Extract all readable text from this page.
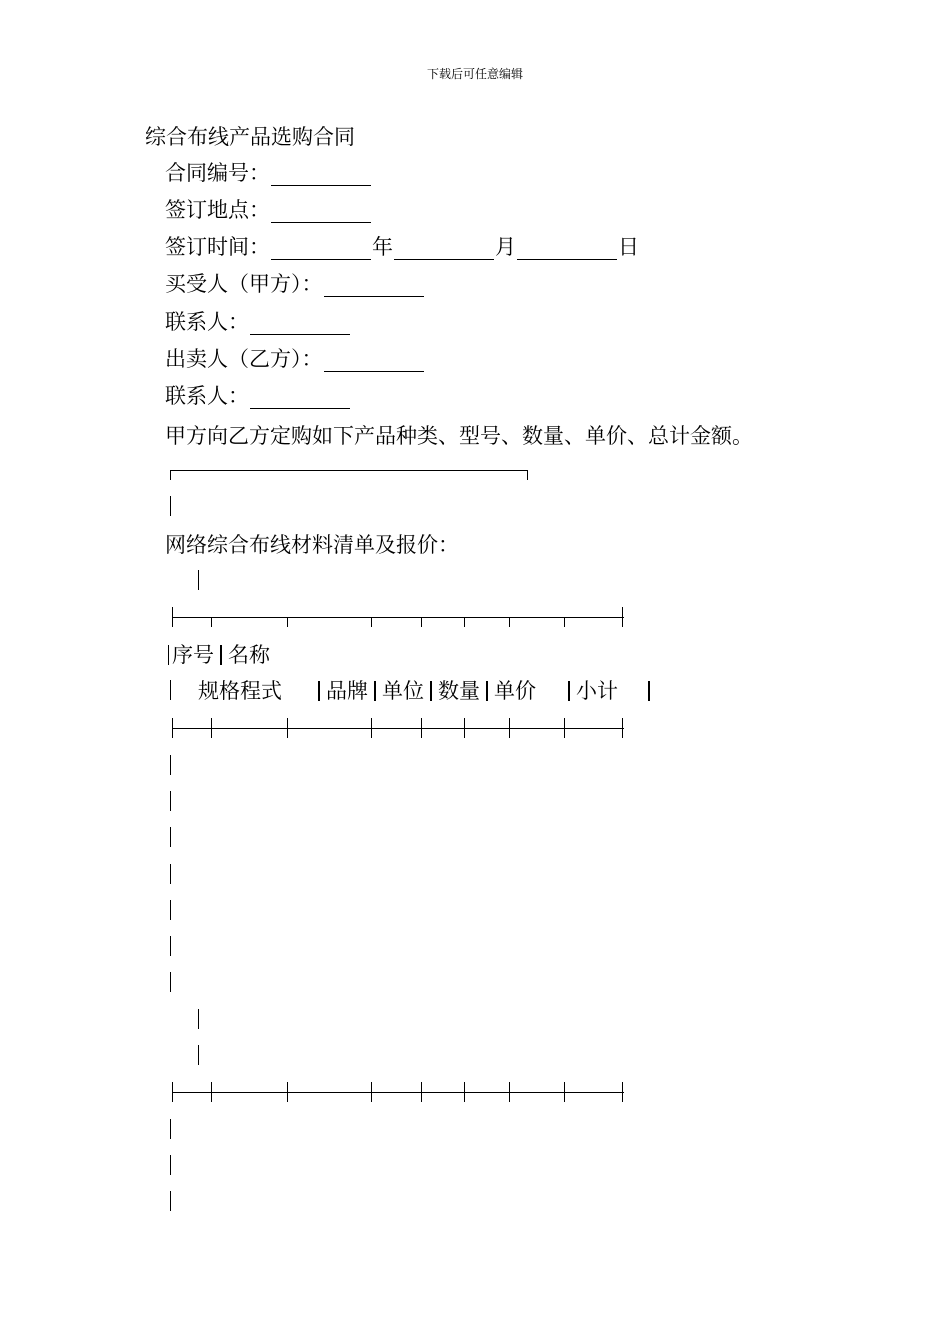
下载后可任意编辑
综合布线产品选购合同
合同编号：
签订地点：
签订时间：	年	月	日
买受人（甲方）：
联系人：
出卖人（乙方）：
联系人：
甲方向乙方定购如下产品种类、型号、数量、单价、总计金额。
网络综合布线材料清单及报价：
序号 名称
规格程式 品牌 单位 数量 单价 小计
